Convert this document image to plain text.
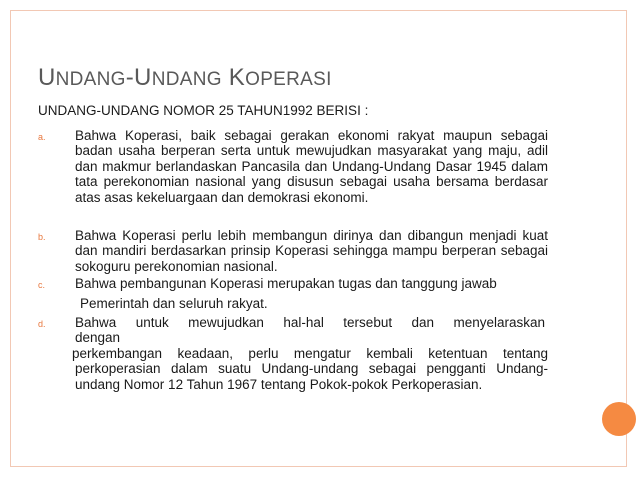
UNDANG-UNDANG KOPERASI
UNDANG-UNDANG NOMOR 25 TAHUN1992 BERISI :
a. Bahwa Koperasi, baik sebagai gerakan ekonomi rakyat maupun sebagai badan usaha berperan serta untuk mewujudkan masyarakat yang maju, adil dan makmur berlandaskan Pancasila dan Undang-Undang Dasar 1945 dalam tata perekonomian nasional yang disusun sebagai usaha bersama berdasar atas asas kekeluargaan dan demokrasi ekonomi.
b. Bahwa Koperasi perlu lebih membangun dirinya dan dibangun menjadi kuat dan mandiri berdasarkan prinsip Koperasi sehingga mampu berperan sebagai sokoguru perekonomian nasional.
c. Bahwa pembangunan Koperasi merupakan tugas dan tanggung jawab
Pemerintah dan seluruh rakyat.
d. Bahwa untuk mewujudkan hal-hal tersebut dan menyelaraskan dengan
perkembangan keadaan, perlu mengatur kembali ketentuan tentang perkoperasian dalam suatu Undang-undang sebagai pengganti Undang-undang Nomor 12 Tahun 1967 tentang Pokok-pokok Perkoperasian.
